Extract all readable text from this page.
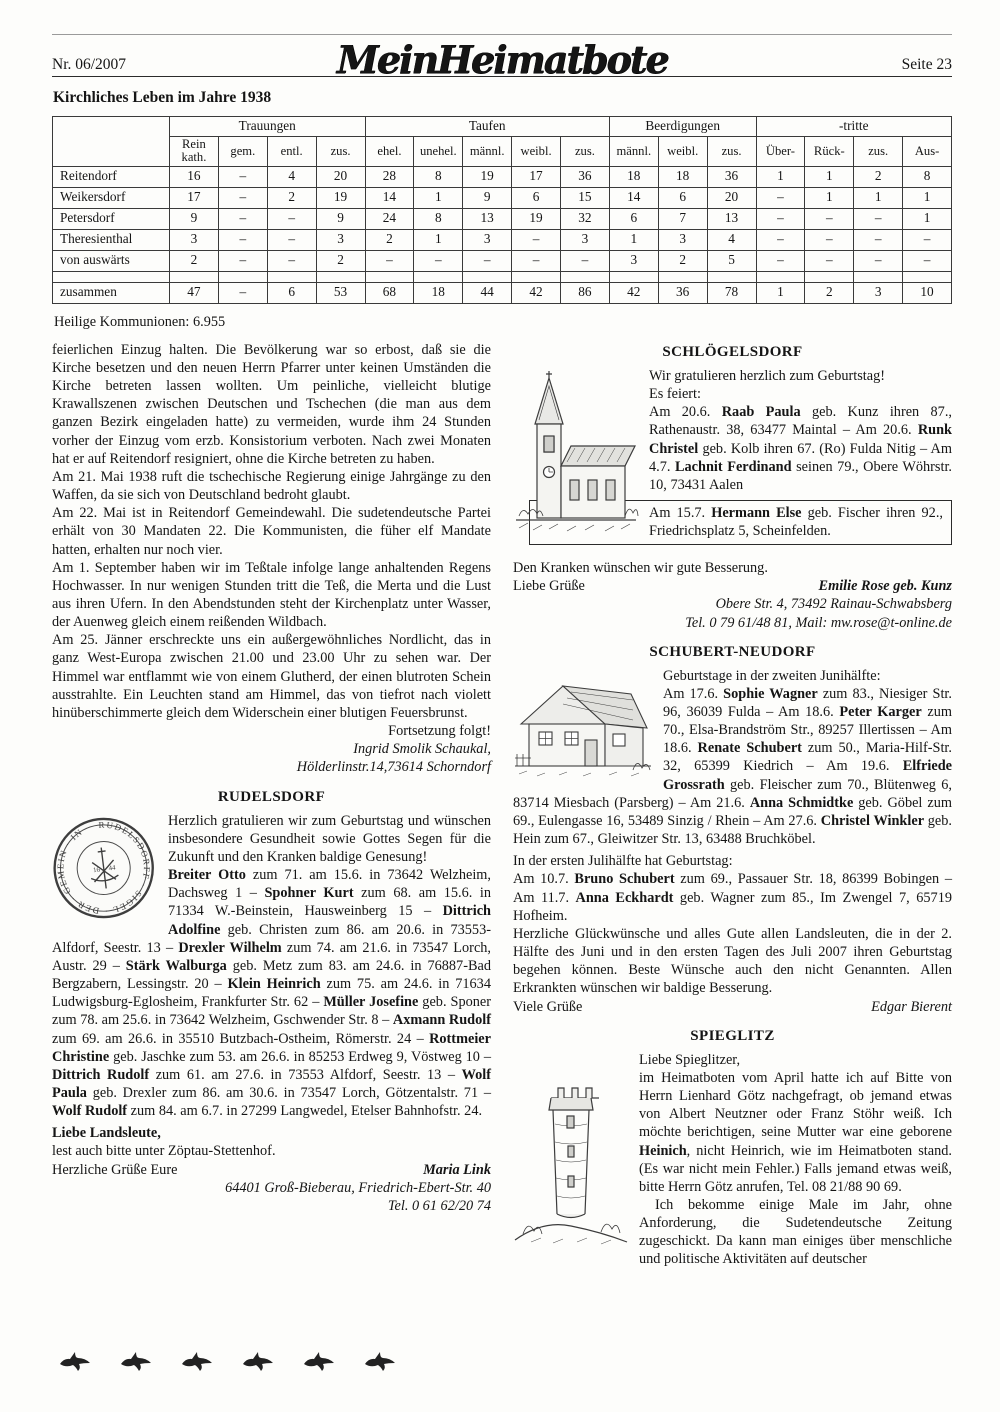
Nr. 06/2007	MeinHeimatbote	Seite 23
Kirchliches Leben im Jahre 1938
	Trauungen				Taufen					Beerdigungen			-tritte			
	Rein kath.	gem.	entl.	zus.	ehel.	unehel.	männl.	weibl.	zus.	männl.	weibl.	zus.	Über-	Rück-	zus.	Aus-
Reitendorf	16	–	4	20	28	8	19	17	36	18	18	36	1	1	2	8
Weikersdorf	17	–	2	19	14	1	9	6	15	14	6	20	–	1	1	1
Petersdorf	9	–	–	9	24	8	13	19	32	6	7	13	–	–	–	1
Theresienthal	3	–	–	3	2	1	3	–	3	1	3	4	–	–	–	–
von auswärts	2	–	–	2	–	–	–	–	–	3	2	5	–	–	–	–

zusammen	47	–	6	53	68	18	44	42	86	42	36	78	1	2	3	10

Heilige Kommunionen: 6.955

feierlichen Einzug halten. Die Bevölkerung war so erbost, daß sie die Kirche besetzen und den neuen Herrn Pfarrer unter keinen Umständen die Kirche betreten lassen wollten. Um peinliche, vielleicht blutige Krawallszenen zwischen Deutschen und Tschechen (die man aus dem ganzen Bezirk eingeladen hatte) zu vermeiden, wurde ihm 24 Stunden vorher der Einzug vom erzb. Konsistorium verboten. Nach zwei Monaten hat er auf Reitendorf resigniert, ohne die Kirche betreten zu haben.

Am 21. Mai 1938 ruft die tschechische Regierung einige Jahrgänge zu den Waffen, da sie sich von Deutschland bedroht glaubt.

Am 22. Mai ist in Reitendorf Gemeindewahl. Die sudetendeutsche Partei erhält von 30 Mandaten 22. Die Kommunisten, die füher elf Mandate hatten, erhalten nur noch vier.

Am 1. September haben wir im Teßtale infolge lange anhaltenden Regens Hochwasser. In nur wenigen Stunden tritt die Teß, die Merta und die Lust aus ihren Ufern. In den Abendstunden steht der Kirchenplatz unter Wasser, der Auenweg gleich einem reißenden Wildbach.

Am 25. Jänner erschreckte uns ein außergewöhnliches Nordlicht, das in ganz West-Europa zwischen 21.00 und 23.00 Uhr zu sehen war. Der Himmel war entflammt wie von einem Glutherd, der einen blutroten Schein ausstrahlte. Ein Leuchten stand am Himmel, das von tiefrot nach violett hinüberschimmerte gleich dem Widerschein einer blutigen Feuersbrunst.

Fortsetzung folgt!
Ingrid Smolik Schaukal,
Hölderlinstr.14,73614 Schorndorf
RUDELSDORF
RUDELSDORFF · SIGEL · DER · GEMEIN · IN
16 44

Herzlich gratulieren wir zum Geburtstag und wünschen insbesondere Gesundheit sowie Gottes Segen für die Zukunft und den Kranken baldige Genesung!

Breiter Otto zum 71. am 15.6. in 73642 Welzheim, Dachsweg 1 – Spohner Kurt zum 68. am 15.6. in 71334 W.-Beinstein, Hausweinberg 15 – Dittrich Adolfine geb. Christen zum 86. am 20.6. in 73553-Alfdorf, Seestr. 13 – Drexler Wilhelm zum 74. am 21.6. in 73547 Lorch, Austr. 29 – Stärk Walburga geb. Metz zum 83. am 24.6. in 76887-Bad Bergzabern, Lessingstr. 20 – Klein Heinrich zum 75. am 24.6. in 71634 Ludwigsburg-Eglosheim, Frankfurter Str. 62 – Müller Josefine geb. Sponer zum 78. am 25.6. in 73642 Welzheim, Gschwender Str. 8 – Axmann Rudolf zum 69. am 26.6. in 35510 Butzbach-Ostheim, Römerstr. 24 – Rottmeier Christine geb. Jaschke zum 53. am 26.6. in 85253 Erdweg 9, Vöstweg 10 – Dittrich Rudolf zum 61. am 27.6. in 73553 Alfdorf, Seestr. 13 – Wolf Paula geb. Drexler zum 86. am 30.6. in 73547 Lorch, Götzentalstr. 71 – Wolf Rudolf zum 84. am 6.7. in 27299 Langwedel, Etelser Bahnhofstr. 24.

Liebe Landsleute,

lest auch bitte unter Zöptau-Stettenhof.

Herzliche Grüße Eure	Maria Link
64401 Groß-Bieberau, Friedrich-Ebert-Str. 40
Tel. 0 61 62/20 74
SCHLÖGELSDORF

Wir gratulieren herzlich zum Geburtstag!

Es feiert:

Am 20.6. Raab Paula geb. Kunz ihren 87., Rathenaustr. 38, 63477 Maintal – Am 20.6. Runk Christel geb. Kolb ihren 67. (Ro) Fulda Nitig – Am 4.7. Lachnit Ferdinand seinen 79., Obere Wöhrstr. 10, 73431 Aalen

Am 15.7. Hermann Else geb. Fischer ihren 92., Friedrichsplatz 5, Scheinfelden.

Den Kranken wünschen wir gute Besserung.

Liebe Grüße	Emilie Rose geb. Kunz
Obere Str. 4, 73492 Rainau-Schwabsberg
Tel. 0 79 61/48 81, Mail: mw.rose@t-online.de
SCHUBERT-NEUDORF

Geburtstage in der zweiten Junihälfte:

Am 17.6. Sophie Wagner zum 83., Niesiger Str. 96, 36039 Fulda – Am 18.6. Peter Karger zum 70., Elsa-Brandström Str., 89257 Illertissen – Am 18.6. Renate Schubert zum 50., Maria-Hilf-Str. 32, 65399 Kiedrich – Am 19.6. Elfriede Grossrath geb. Fleischer zum 70., Blütenweg 6, 83714 Miesbach (Parsberg) – Am 21.6. Anna Schmidtke geb. Göbel zum 69., Eulengasse 16, 53489 Sinzig / Rhein – Am 27.6. Christel Winkler geb. Hein zum 67., Gleiwitzer Str. 13, 63488 Bruchköbel.

In der ersten Julihälfte hat Geburtstag:

Am 10.7. Bruno Schubert zum 69., Passauer Str. 18, 86399 Bobingen – Am 11.7. Anna Eckhardt geb. Wagner zum 85., Im Zwengel 7, 65719 Hofheim.

Herzliche Glückwünsche und alles Gute allen Landsleuten, die in der 2. Hälfte des Juni und in den ersten Tagen des Juli 2007 ihren Geburtstag begehen können. Beste Wünsche auch den nicht Genannten. Allen Erkrankten wünschen wir baldige Besserung.

Viele Grüße	Edgar Bierent
SPIEGLITZ

Liebe Spieglitzer,

im Heimatboten vom April hatte ich auf Bitte von Herrn Lienhard Götz nachgefragt, ob jemand etwas von Albert Neutzner oder Franz Stöhr weiß. Ich möchte berichtigen, seine Mutter war eine geborene Heinich, nicht Heinrich, wie im Heimatboten stand. (Es war nicht mein Fehler.) Falls jemand etwas weiß, bitte Herrn Götz anrufen, Tel. 08 21/88 90 69.

Ich bekomme einige Male im Jahr, ohne Anforderung, die Sudetendeutsche Zeitung zugeschickt. Da kann man einiges über menschliche und politische Aktivitäten auf deutscher
